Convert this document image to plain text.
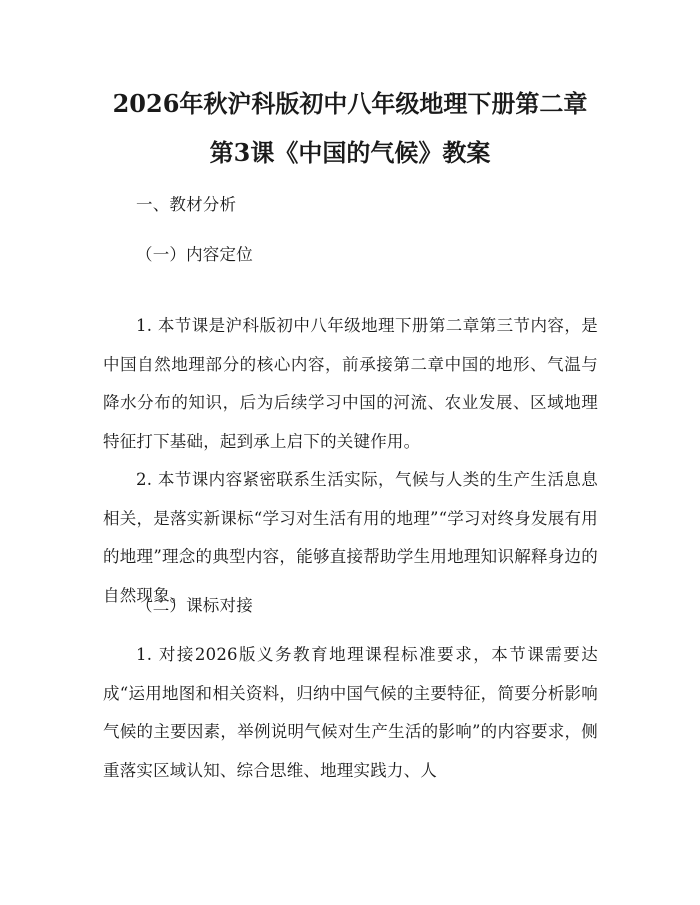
2026年秋沪科版初中八年级地理下册第二章
第3课《中国的气候》教案

一、教材分析

（一）内容定位

1. 本节课是沪科版初中八年级地理下册第二章第三节内容，是中国自然地理部分的核心内容，前承接第二章中国的地形、气温与降水分布的知识，后为后续学习中国的河流、农业发展、区域地理特征打下基础，起到承上启下的关键作用。

2. 本节课内容紧密联系生活实际，气候与人类的生产生活息息相关，是落实新课标“学习对生活有用的地理”“学习对终身发展有用的地理”理念的典型内容，能够直接帮助学生用地理知识解释身边的自然现象。

（二）课标对接

1. 对接2026版义务教育地理课程标准要求，本节课需要达成“运用地图和相关资料，归纳中国气候的主要特征，简要分析影响气候的主要因素，举例说明气候对生产生活的影响”的内容要求，侧重落实区域认知、综合思维、地理实践力、人
